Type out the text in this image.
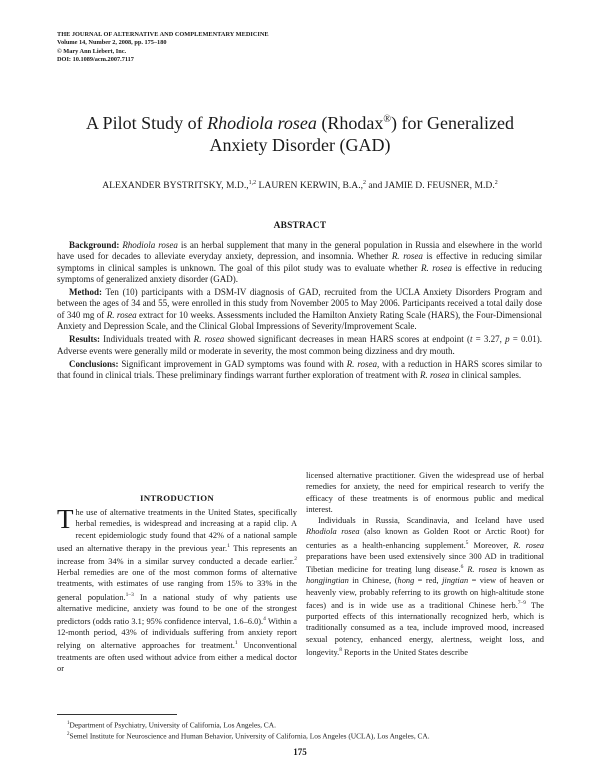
THE JOURNAL OF ALTERNATIVE AND COMPLEMENTARY MEDICINE
Volume 14, Number 2, 2008, pp. 175–180
© Mary Ann Liebert, Inc.
DOI: 10.1089/acm.2007.7117
A Pilot Study of Rhodiola rosea (Rhodax®) for Generalized
Anxiety Disorder (GAD)
ALEXANDER BYSTRITSKY, M.D.,$^{1,2}$ LAUREN KERWIN, B.A.,$^2$ and JAMIE D. FEUSNER, M.D.$^2$
ABSTRACT

Background: Rhodiola rosea is an herbal supplement that many in the general population in Russia and elsewhere in the world have used for decades to alleviate everyday anxiety, depression, and insomnia. Whether R. rosea is effective in reducing similar symptoms in clinical samples is unknown. The goal of this pilot study was to evaluate whether R. rosea is effective in reducing symptoms of generalized anxiety disorder (GAD).

Method: Ten (10) participants with a DSM-IV diagnosis of GAD, recruited from the UCLA Anxiety Disorders Program and between the ages of 34 and 55, were enrolled in this study from November 2005 to May 2006. Participants received a total daily dose of 340 mg of R. rosea extract for 10 weeks. Assessments included the Hamilton Anxiety Rating Scale (HARS), the Four-Dimensional Anxiety and Depression Scale, and the Clinical Global Impressions of Severity/Improvement Scale.

Results: Individuals treated with R. rosea showed significant decreases in mean HARS scores at endpoint (t = 3.27, p = 0.01). Adverse events were generally mild or moderate in severity, the most common being dizziness and dry mouth.

Conclusions: Significant improvement in GAD symptoms was found with R. rosea, with a reduction in HARS scores similar to that found in clinical trials. These preliminary findings warrant further exploration of treatment with R. rosea in clinical samples.

INTRODUCTION

The use of alternative treatments in the United States, specifically herbal remedies, is widespread and increasing at a rapid clip. A recent epidemiologic study found that 42% of a national sample used an alternative therapy in the previous year.$^1$ This represents an increase from 34% in a similar survey conducted a decade earlier.$^2$ Herbal remedies are one of the most common forms of alternative treatments, with estimates of use ranging from 15% to 33% in the general population.$^{1-3}$ In a national study of why patients use alternative medicine, anxiety was found to be one of the strongest predictors (odds ratio 3.1; 95% confidence interval, 1.6–6.0).$^4$ Within a 12-month period, 43% of individuals suffering from anxiety report relying on alternative approaches for treatment.$^1$ Unconventional treatments are often used without advice from either a medical doctor or

licensed alternative practitioner. Given the widespread use of herbal remedies for anxiety, the need for empirical research to verify the efficacy of these treatments is of enormous public and medical interest.

Individuals in Russia, Scandinavia, and Iceland have used Rhodiola rosea (also known as Golden Root or Arctic Root) for centuries as a health-enhancing supplement.$^5$ Moreover, R. rosea preparations have been used extensively since 300 AD in traditional Tibetian medicine for treating lung disease.$^6$ R. rosea is known as hongjingtian in Chinese, (hong = red, jingtian = view of heaven or heavenly view, probably referring to its growth on high-altitude stone faces) and is in wide use as a traditional Chinese herb.$^{7-9}$ The purported effects of this internationally recognized herb, which is traditionally consumed as a tea, include improved mood, increased sexual potency, enhanced energy, alertness, weight loss, and longevity.$^8$ Reports in the United States describe

$^1$Department of Psychiatry, University of California, Los Angeles, CA.
$^2$Semel Institute for Neuroscience and Human Behavior, University of California, Los Angeles (UCLA), Los Angeles, CA.
175
